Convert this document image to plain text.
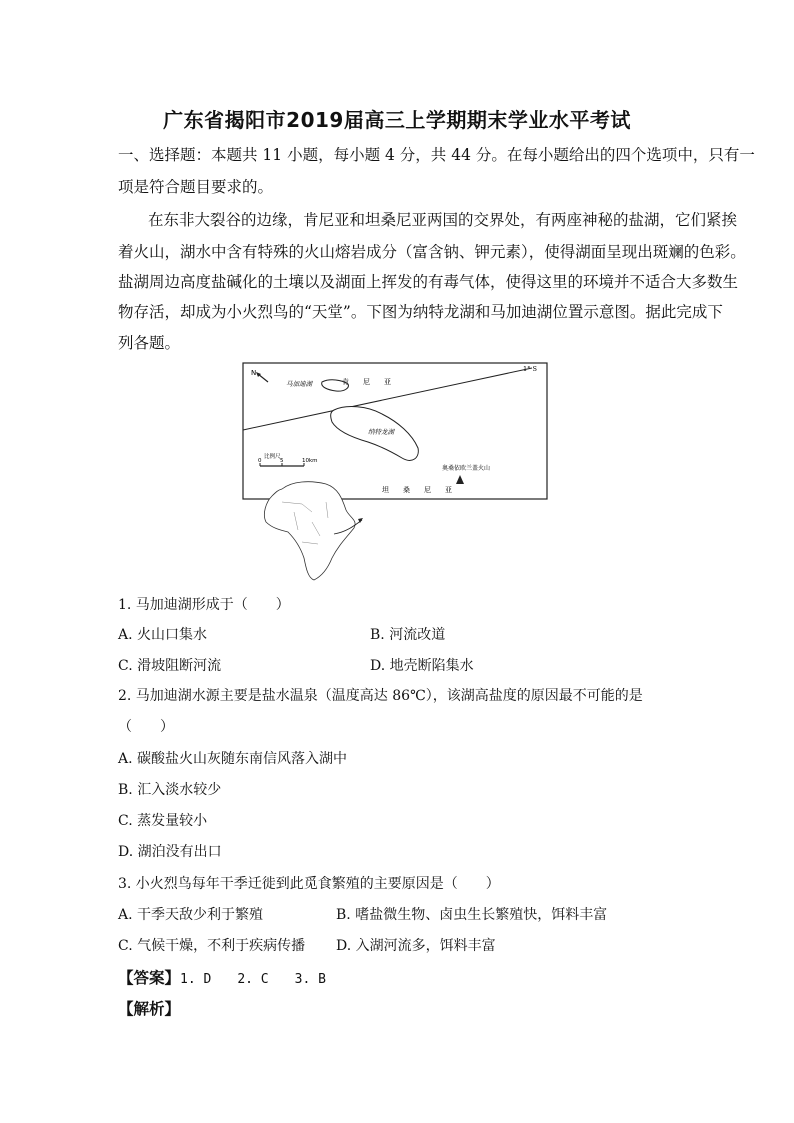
广东省揭阳市2019届高三上学期期末学业水平考试
一、选择题：本题共 11 小题，每小题 4 分，共 44 分。在每小题给出的四个选项中，只有一
项是符合题目要求的。
在东非大裂谷的边缘，肯尼亚和坦桑尼亚两国的交界处，有两座神秘的盐湖，它们紧挨
着火山，湖水中含有特殊的火山熔岩成分（富含钠、钾元素），使得湖面呈现出斑斓的色彩。
盐湖周边高度盐碱化的土壤以及湖面上挥发的有毒气体，使得这里的环境并不适合大多数生
物存活，却成为小火烈鸟的“天堂”。下图为纳特龙湖和马加迪湖位置示意图。据此完成下
列各题。
1° S
N
马加迪湖	肯　　尼　　亚
纳特龙湖
比例尺
0	5	10km
奥桑依欧兰盖火山
坦　　桑　　尼　　亚
1. 马加迪湖形成于（　　）
A. 火山口集水	B. 河流改道
C. 滑坡阻断河流	D. 地壳断陷集水
2. 马加迪湖水源主要是盐水温泉（温度高达 86℃），该湖高盐度的原因最不可能的是
（　　）
A. 碳酸盐火山灰随东南信风落入湖中
B. 汇入淡水较少
C. 蒸发量较小
D. 湖泊没有出口
3. 小火烈鸟每年干季迁徙到此觅食繁殖的主要原因是（　　）
A. 干季天敌少利于繁殖	B. 嗜盐微生物、卤虫生长繁殖快，饵料丰富
C. 气候干燥，不利于疾病传播 D. 入湖河流多，饵料丰富
【答案】1. D　　2. C　　3. B
【解析】
